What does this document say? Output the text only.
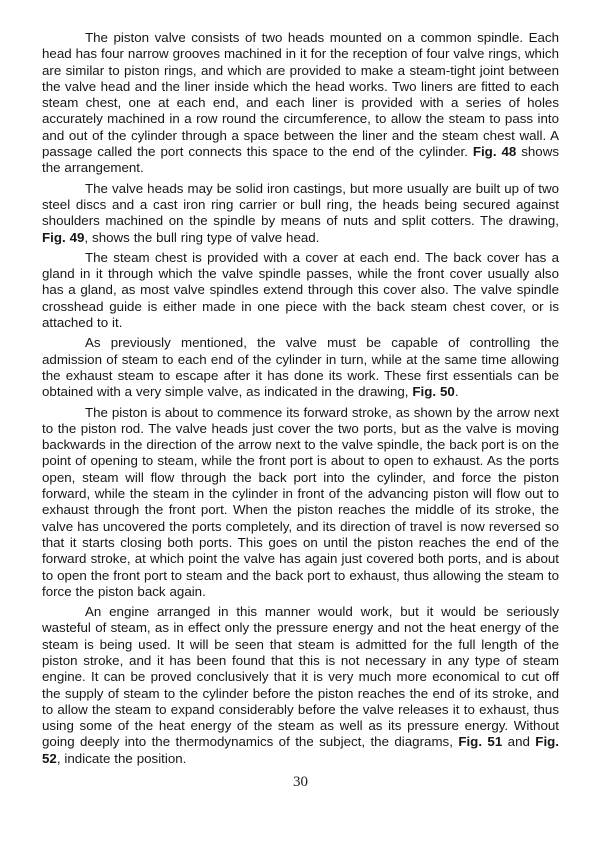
The piston valve consists of two heads mounted on a common spindle. Each head has four narrow grooves machined in it for the reception of four valve rings, which are similar to piston rings, and which are provided to make a steam-tight joint between the valve head and the liner inside which the head works. Two liners are fitted to each steam chest, one at each end, and each liner is provided with a series of holes accurately machined in a row round the circumference, to allow the steam to pass into and out of the cylinder through a space between the liner and the steam chest wall. A passage called the port connects this space to the end of the cylinder. Fig. 48 shows the arrangement.

The valve heads may be solid iron castings, but more usually are built up of two steel discs and a cast iron ring carrier or bull ring, the heads being secured against shoulders machined on the spindle by means of nuts and split cotters. The drawing, Fig. 49, shows the bull ring type of valve head.

The steam chest is provided with a cover at each end. The back cover has a gland in it through which the valve spindle passes, while the front cover usually also has a gland, as most valve spindles extend through this cover also. The valve spindle crosshead guide is either made in one piece with the back steam chest cover, or is attached to it.

As previously mentioned, the valve must be capable of controlling the admission of steam to each end of the cylinder in turn, while at the same time allowing the exhaust steam to escape after it has done its work. These first essentials can be obtained with a very simple valve, as indicated in the drawing, Fig. 50.

The piston is about to commence its forward stroke, as shown by the arrow next to the piston rod. The valve heads just cover the two ports, but as the valve is moving backwards in the direction of the arrow next to the valve spindle, the back port is on the point of opening to steam, while the front port is about to open to exhaust. As the ports open, steam will flow through the back port into the cylinder, and force the piston forward, while the steam in the cylinder in front of the advancing piston will flow out to exhaust through the front port. When the piston reaches the middle of its stroke, the valve has uncovered the ports completely, and its direction of travel is now reversed so that it starts closing both ports. This goes on until the piston reaches the end of the forward stroke, at which point the valve has again just covered both ports, and is about to open the front port to steam and the back port to exhaust, thus allowing the steam to force the piston back again.

An engine arranged in this manner would work, but it would be seriously wasteful of steam, as in effect only the pressure energy and not the heat energy of the steam is being used. It will be seen that steam is admitted for the full length of the piston stroke, and it has been found that this is not necessary in any type of steam engine. It can be proved conclusively that it is very much more economical to cut off the supply of steam to the cylinder before the piston reaches the end of its stroke, and to allow the steam to expand considerably before the valve releases it to exhaust, thus using some of the heat energy of the steam as well as its pressure energy. Without going deeply into the thermodynamics of the subject, the diagrams, Fig. 51 and Fig. 52, indicate the position.

30
